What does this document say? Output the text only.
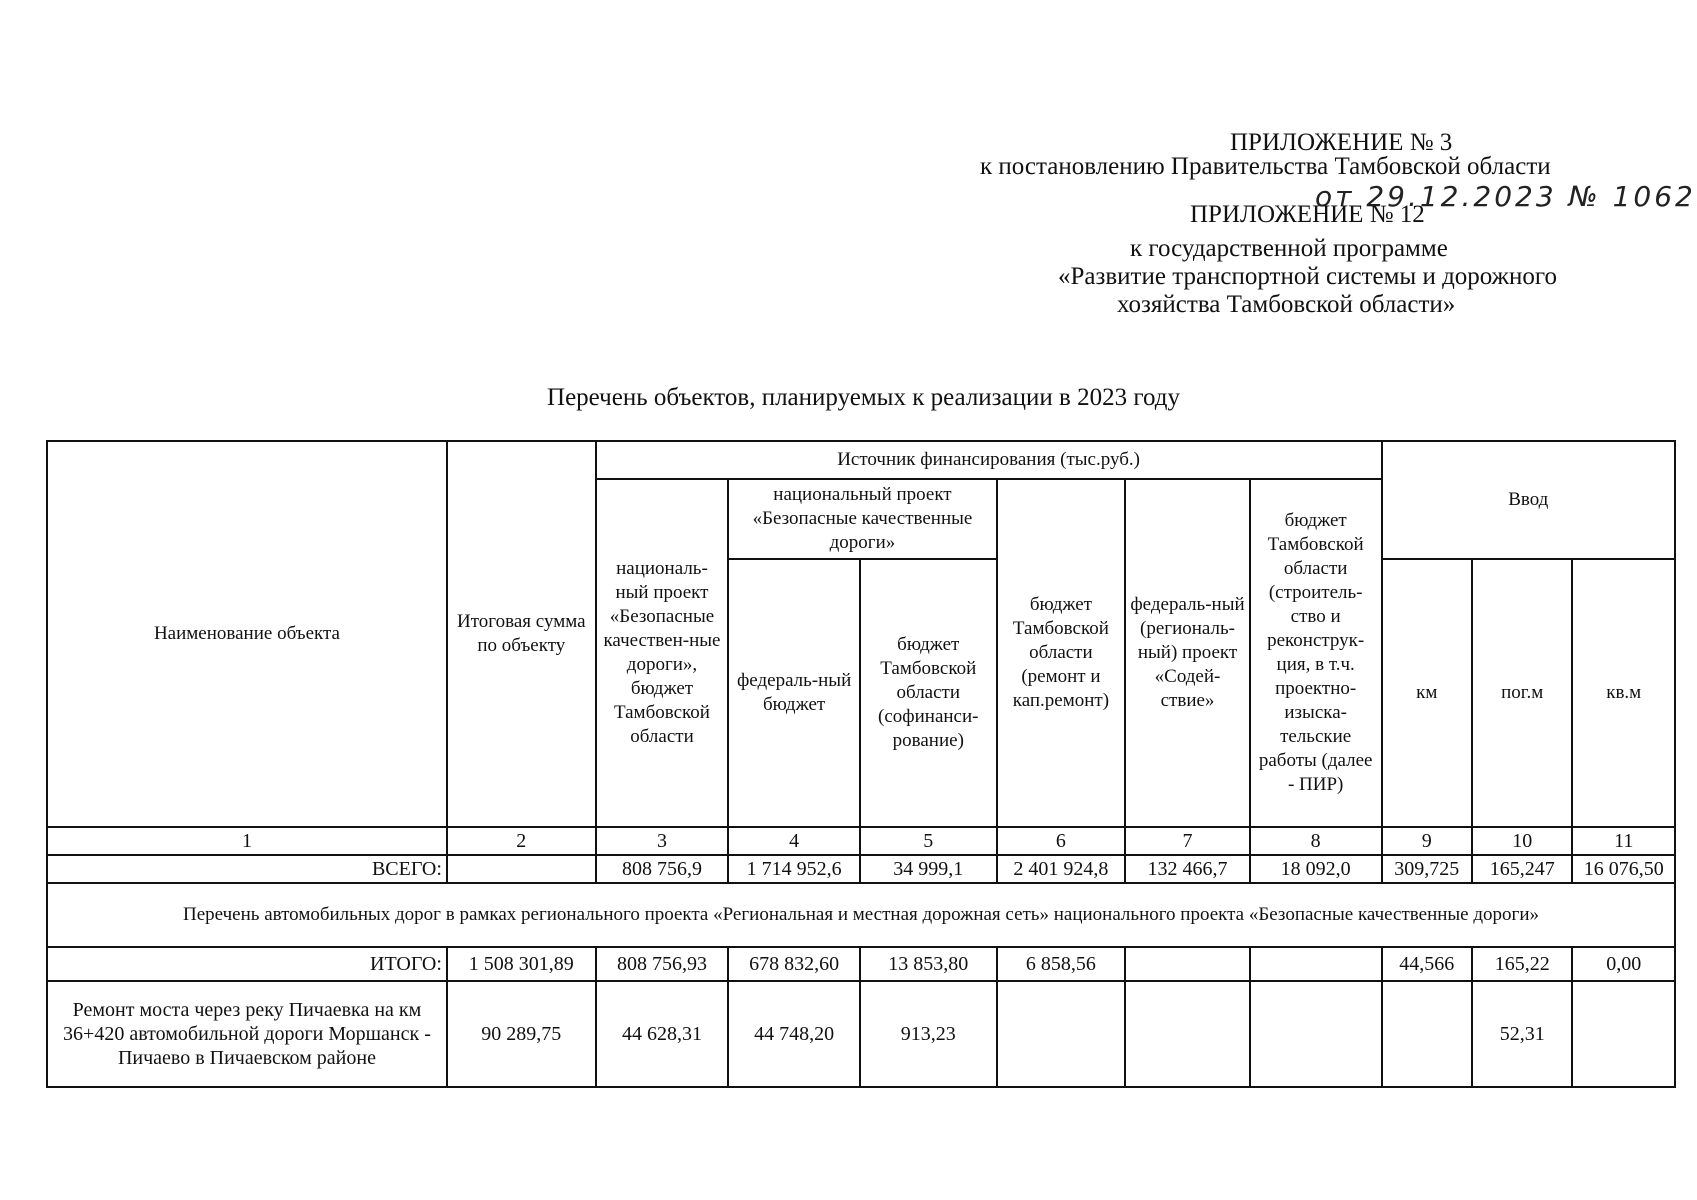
ПРИЛОЖЕНИЕ № 3
к постановлению Правительства Тамбовской области
от 29.12.2023 № 1062
ПРИЛОЖЕНИЕ № 12
к государственной программе
«Развитие транспортной системы и дорожного
хозяйства Тамбовской области»
Перечень объектов, планируемых к реализации в 2023 году
Наименование объекта	Итоговая сумма по объекту	Источник финансирования (тыс.руб.)						Ввод		
		националь-ный проект «Безопасные качествен-ные дороги», бюджет Тамбовской области	национальный проект «Безопасные качественные дороги»		бюджет Тамбовской области (ремонт и кап.ремонт)	федераль-ный (региональ-ный) проект «Содей-ствие»	бюджет Тамбовской области (строитель-ство и реконструк-ция, в т.ч. проектно-изыска-тельские работы (далее - ПИР)			
			федераль-ный бюджет	бюджет Тамбовской области (софинанси-рование)				км	пог.м	кв.м
1	2	3	4	5	6	7	8	9	10	11
ВСЕГО:		808 756,9	1 714 952,6	34 999,1	2 401 924,8	132 466,7	18 092,0	309,725	165,247	16 076,50
Перечень автомобильных дорог в рамках регионального проекта «Региональная и местная дорожная сеть» национального проекта «Безопасные качественные дороги»										
ИТОГО:	1 508 301,89	808 756,93	678 832,60	13 853,80	6 858,56			44,566	165,22	0,00
Ремонт моста через реку Пичаевка на км 36+420 автомобильной дороги Моршанск - Пичаево в Пичаевском районе	90 289,75	44 628,31	44 748,20	913,23					52,31	
